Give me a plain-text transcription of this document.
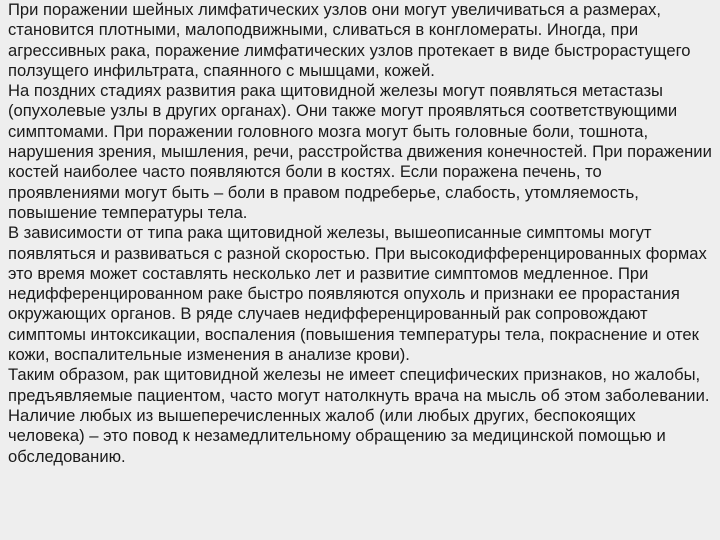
При поражении шейных лимфатических узлов они могут увеличиваться а размерах, становится плотными, малоподвижными, сливаться в конгломераты. Иногда, при агрессивных рака, поражение лимфатических узлов протекает в виде быстрорастущего ползущего инфильтрата, спаянного с мышцами, кожей.

На поздних стадиях развития рака щитовидной железы могут появляться метастазы (опухолевые узлы в других органах). Они также могут проявляться соответствующими симптомами. При поражении головного мозга могут быть головные боли, тошнота, нарушения зрения, мышления, речи, расстройства движения конечностей. При поражении костей наиболее часто появляются боли в костях. Если поражена печень, то проявлениями могут быть – боли в правом подреберье, слабость, утомляемость, повышение температуры тела.

В зависимости от типа рака щитовидной железы, вышеописанные симптомы могут появляться и развиваться с разной скоростью. При высокодифференцированных формах это время может составлять несколько лет и развитие симптомов медленное. При недифференцированном раке быстро появляются опухоль и признаки ее прорастания окружающих органов. В ряде случаев недифференцированный рак сопровождают симптомы интоксикации, воспаления (повышения температуры тела, покраснение и отек кожи, воспалительные изменения в анализе крови).

Таким образом, рак щитовидной железы не имеет специфических признаков, но жалобы, предъявляемые пациентом, часто могут натолкнуть врача на мысль об этом заболевании.

Наличие любых из вышеперечисленных жалоб (или любых других, беспокоящих человека) – это повод к незамедлительному обращению за медицинской помощью и обследованию.
